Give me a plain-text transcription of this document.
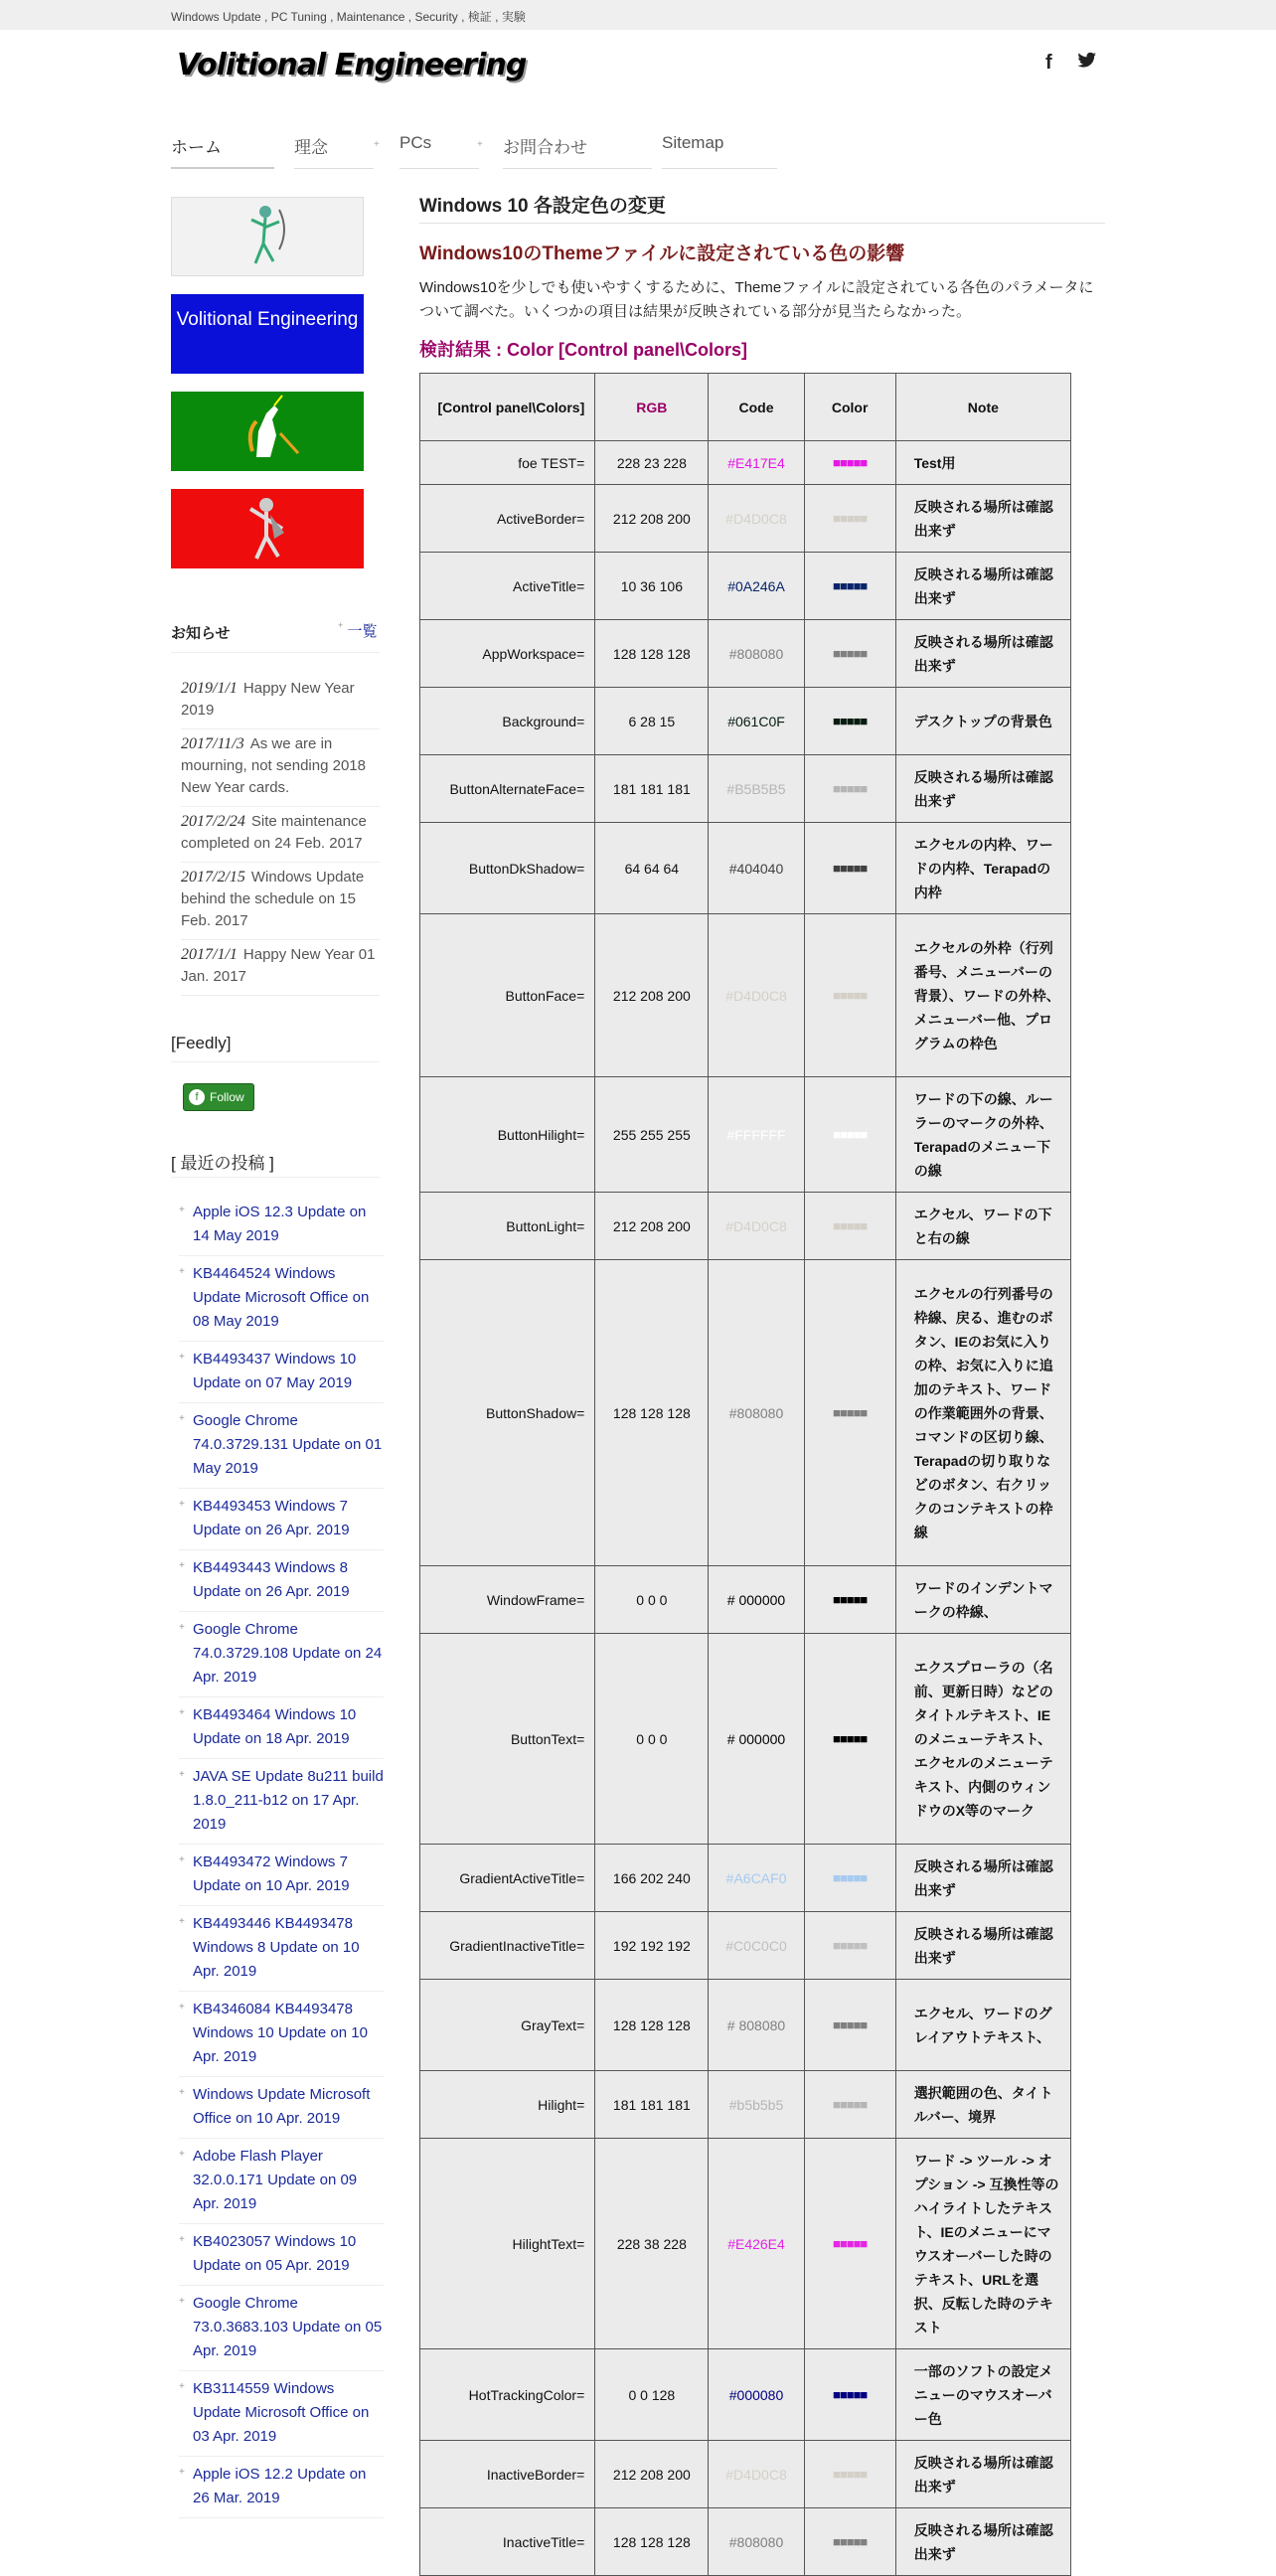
Windows Update , PC Tuning , Maintenance , Security , 検証 , 実験
Volitional Engineering	f
ホーム	理念	+ PCs	+ お問合わせ	Sitemap
Volitional Engineering
お知らせ	+ 一覧
2019/1/1 Happy New Year 2019
2017/11/3 As we are in mourning, not sending 2018 New Year cards.
2017/2/24 Site maintenance completed on 24 Feb. 2017
2017/2/15 Windows Update behind the schedule on 15 Feb. 2017
2017/1/1 Happy New Year 01 Jan. 2017
[Feedly]
f Follow
[ 最近の投稿 ]
+ Apple iOS 12.3 Update on 14 May 2019
+ KB4464524 Windows Update Microsoft Office on 08 May 2019
+ KB4493437 Windows 10 Update on 07 May 2019
+ Google Chrome 74.0.3729.131 Update on 01 May 2019
+ KB4493453 Windows 7 Update on 26 Apr. 2019
+ KB4493443 Windows 8 Update on 26 Apr. 2019
+ Google Chrome 74.0.3729.108 Update on 24 Apr. 2019
+ KB4493464 Windows 10 Update on 18 Apr. 2019
+ JAVA SE Update 8u211 build 1.8.0_211-b12 on 17 Apr. 2019
+ KB4493472 Windows 7 Update on 10 Apr. 2019
+ KB4493446 KB4493478 Windows 8 Update on 10 Apr. 2019
+ KB4346084 KB4493478 Windows 10 Update on 10 Apr. 2019
+ Windows Update Microsoft Office on 10 Apr. 2019
+ Adobe Flash Player 32.0.0.171 Update on 09 Apr. 2019
+ KB4023057 Windows 10 Update on 05 Apr. 2019
+ Google Chrome 73.0.3683.103 Update on 05 Apr. 2019
+ KB3114559 Windows Update Microsoft Office on 03 Apr. 2019
+ Apple iOS 12.2 Update on 26 Mar. 2019
Windows 10 各設定色の変更
Windows10のThemeファイルに設定されている色の影響

Windows10を少しでも使いやすくするために、Themeファイルに設定されている各色のパラメータについて調べた。いくつかの項目は結果が反映されている部分が見当たらなかった。

検討結果 : Color [Control panel\Colors]
[Control panel\Colors]	RGB	Code	Color	Note
foe TEST=	228 23 228	#E417E4	■■■■■	Test用
ActiveBorder=	212 208 200	#D4D0C8	■■■■■	反映される場所は確認出来ず
ActiveTitle=	10 36 106	#0A246A	■■■■■	反映される場所は確認出来ず
AppWorkspace=	128 128 128	#808080	■■■■■	反映される場所は確認出来ず
Background=	6 28 15	#061C0F	■■■■■	デスクトップの背景色
ButtonAlternateFace=	181 181 181	#B5B5B5	■■■■■	反映される場所は確認出来ず
ButtonDkShadow=	64 64 64	#404040	■■■■■	エクセルの内枠、ワードの内枠、Terapadの内枠
ButtonFace=	212 208 200	#D4D0C8	■■■■■	エクセルの外枠（行列番号、メニューバーの背景）、ワードの外枠、メニューバー他、プログラムの枠色
ButtonHilight=	255 255 255	#FFFFFF	■■■■■	ワードの下の線、ルーラーのマークの外枠、Terapadのメニュー下の線
ButtonLight=	212 208 200	#D4D0C8	■■■■■	エクセル、ワードの下と右の線
ButtonShadow=	128 128 128	#808080	■■■■■	エクセルの行列番号の枠線、戻る、進むのボタン、IEのお気に入りの枠、お気に入りに追加のテキスト、ワードの作業範囲外の背景、コマンドの区切り線、Terapadの切り取りなどのボタン、右クリックのコンテキストの枠線
WindowFrame=	0 0 0	# 000000	■■■■■	ワードのインデントマークの枠線、
ButtonText=	0 0 0	# 000000	■■■■■	エクスプローラの（名前、更新日時）などのタイトルテキスト、IEのメニューテキスト、エクセルのメニューテキスト、内側のウィンドウのX等のマーク
GradientActiveTitle=	166 202 240	#A6CAF0	■■■■■	反映される場所は確認出来ず
GradientInactiveTitle=	192 192 192	#C0C0C0	■■■■■	反映される場所は確認出来ず
GrayText=	128 128 128	# 808080	■■■■■	エクセル、ワードのグレイアウトテキスト、
Hilight=	181 181 181	#b5b5b5	■■■■■	選択範囲の色、タイトルバー、境界
HilightText=	228 38 228	#E426E4	■■■■■	ワード -> ツール -> オプション -> 互換性等のハイライトしたテキスト、IEのメニューにマウスオーバーした時のテキスト、URLを選択、反転した時のテキスト
HotTrackingColor=	0 0 128	#000080	■■■■■	一部のソフトの設定メニューのマウスオーバー色
InactiveBorder=	212 208 200	#D4D0C8	■■■■■	反映される場所は確認出来ず
InactiveTitle=	128 128 128	#808080	■■■■■	反映される場所は確認出来ず
